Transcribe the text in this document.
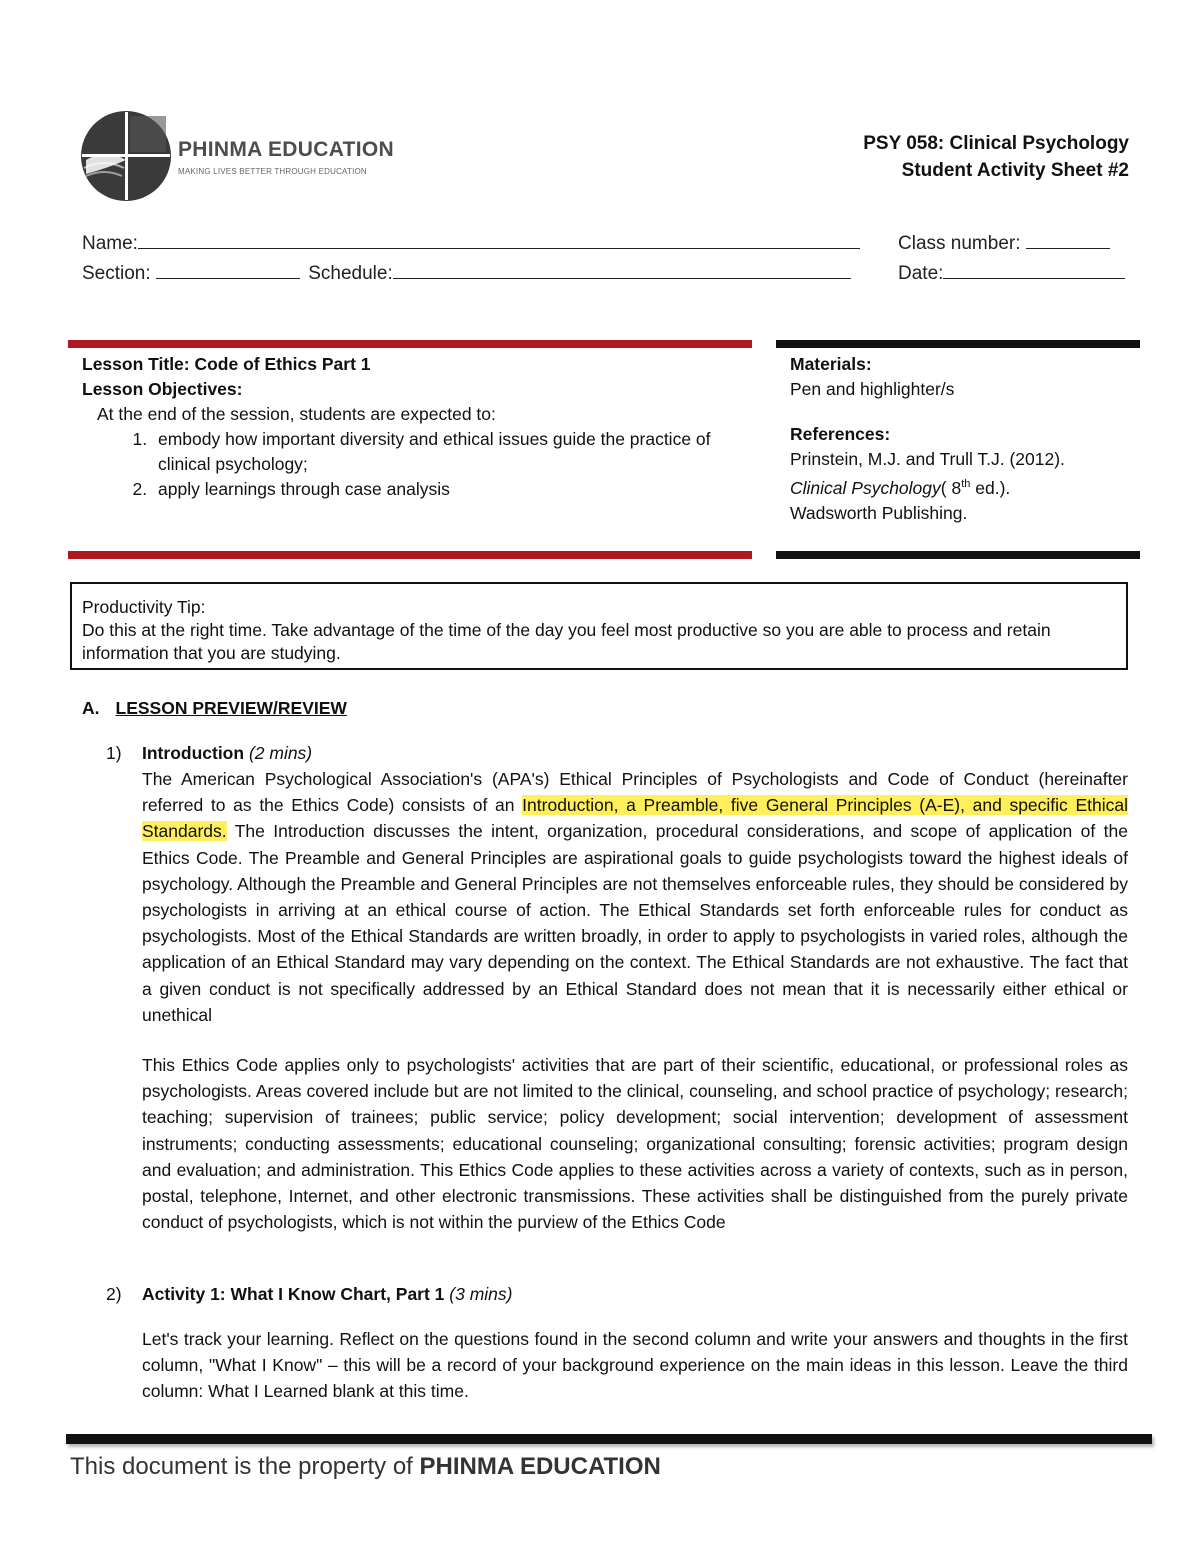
PHINMA EDUCATION
MAKING LIVES BETTER THROUGH EDUCATION
PSY 058: Clinical Psychology
Student Activity Sheet #2
Name:	Class number:
Section:	Schedule:	Date:
Lesson Title: Code of Ethics Part 1
Lesson Objectives:
At the end of the session, students are expected to:
1. embody how important diversity and ethical issues guide the practice of clinical psychology;
2. apply learnings through case analysis
Materials:
Pen and highlighter/s
References:
Prinstein, M.J. and Trull T.J. (2012).
Clinical Psychology( 8th ed.).
Wadsworth Publishing.
Productivity Tip:
Do this at the right time. Take advantage of the time of the day you feel most productive so you are able to process and retain information that you are studying.
A. LESSON PREVIEW/REVIEW
1) Introduction (2 mins)
The American Psychological Association's (APA's) Ethical Principles of Psychologists and Code of Conduct (hereinafter referred to as the Ethics Code) consists of an Introduction, a Preamble, five General Principles (A-E), and specific Ethical Standards. The Introduction discusses the intent, organization, procedural considerations, and scope of application of the Ethics Code. The Preamble and General Principles are aspirational goals to guide psychologists toward the highest ideals of psychology. Although the Preamble and General Principles are not themselves enforceable rules, they should be considered by psychologists in arriving at an ethical course of action. The Ethical Standards set forth enforceable rules for conduct as psychologists. Most of the Ethical Standards are written broadly, in order to apply to psychologists in varied roles, although the application of an Ethical Standard may vary depending on the context. The Ethical Standards are not exhaustive. The fact that a given conduct is not specifically addressed by an Ethical Standard does not mean that it is necessarily either ethical or unethical
This Ethics Code applies only to psychologists' activities that are part of their scientific, educational, or professional roles as psychologists. Areas covered include but are not limited to the clinical, counseling, and school practice of psychology; research; teaching; supervision of trainees; public service; policy development; social intervention; development of assessment instruments; conducting assessments; educational counseling; organizational consulting; forensic activities; program design and evaluation; and administration. This Ethics Code applies to these activities across a variety of contexts, such as in person, postal, telephone, Internet, and other electronic transmissions. These activities shall be distinguished from the purely private conduct of psychologists, which is not within the purview of the Ethics Code
2) Activity 1: What I Know Chart, Part 1 (3 mins)
Let's track your learning. Reflect on the questions found in the second column and write your answers and thoughts in the first column, "What I Know" – this will be a record of your background experience on the main ideas in this lesson. Leave the third column: What I Learned blank at this time.
This document is the property of PHINMA EDUCATION
